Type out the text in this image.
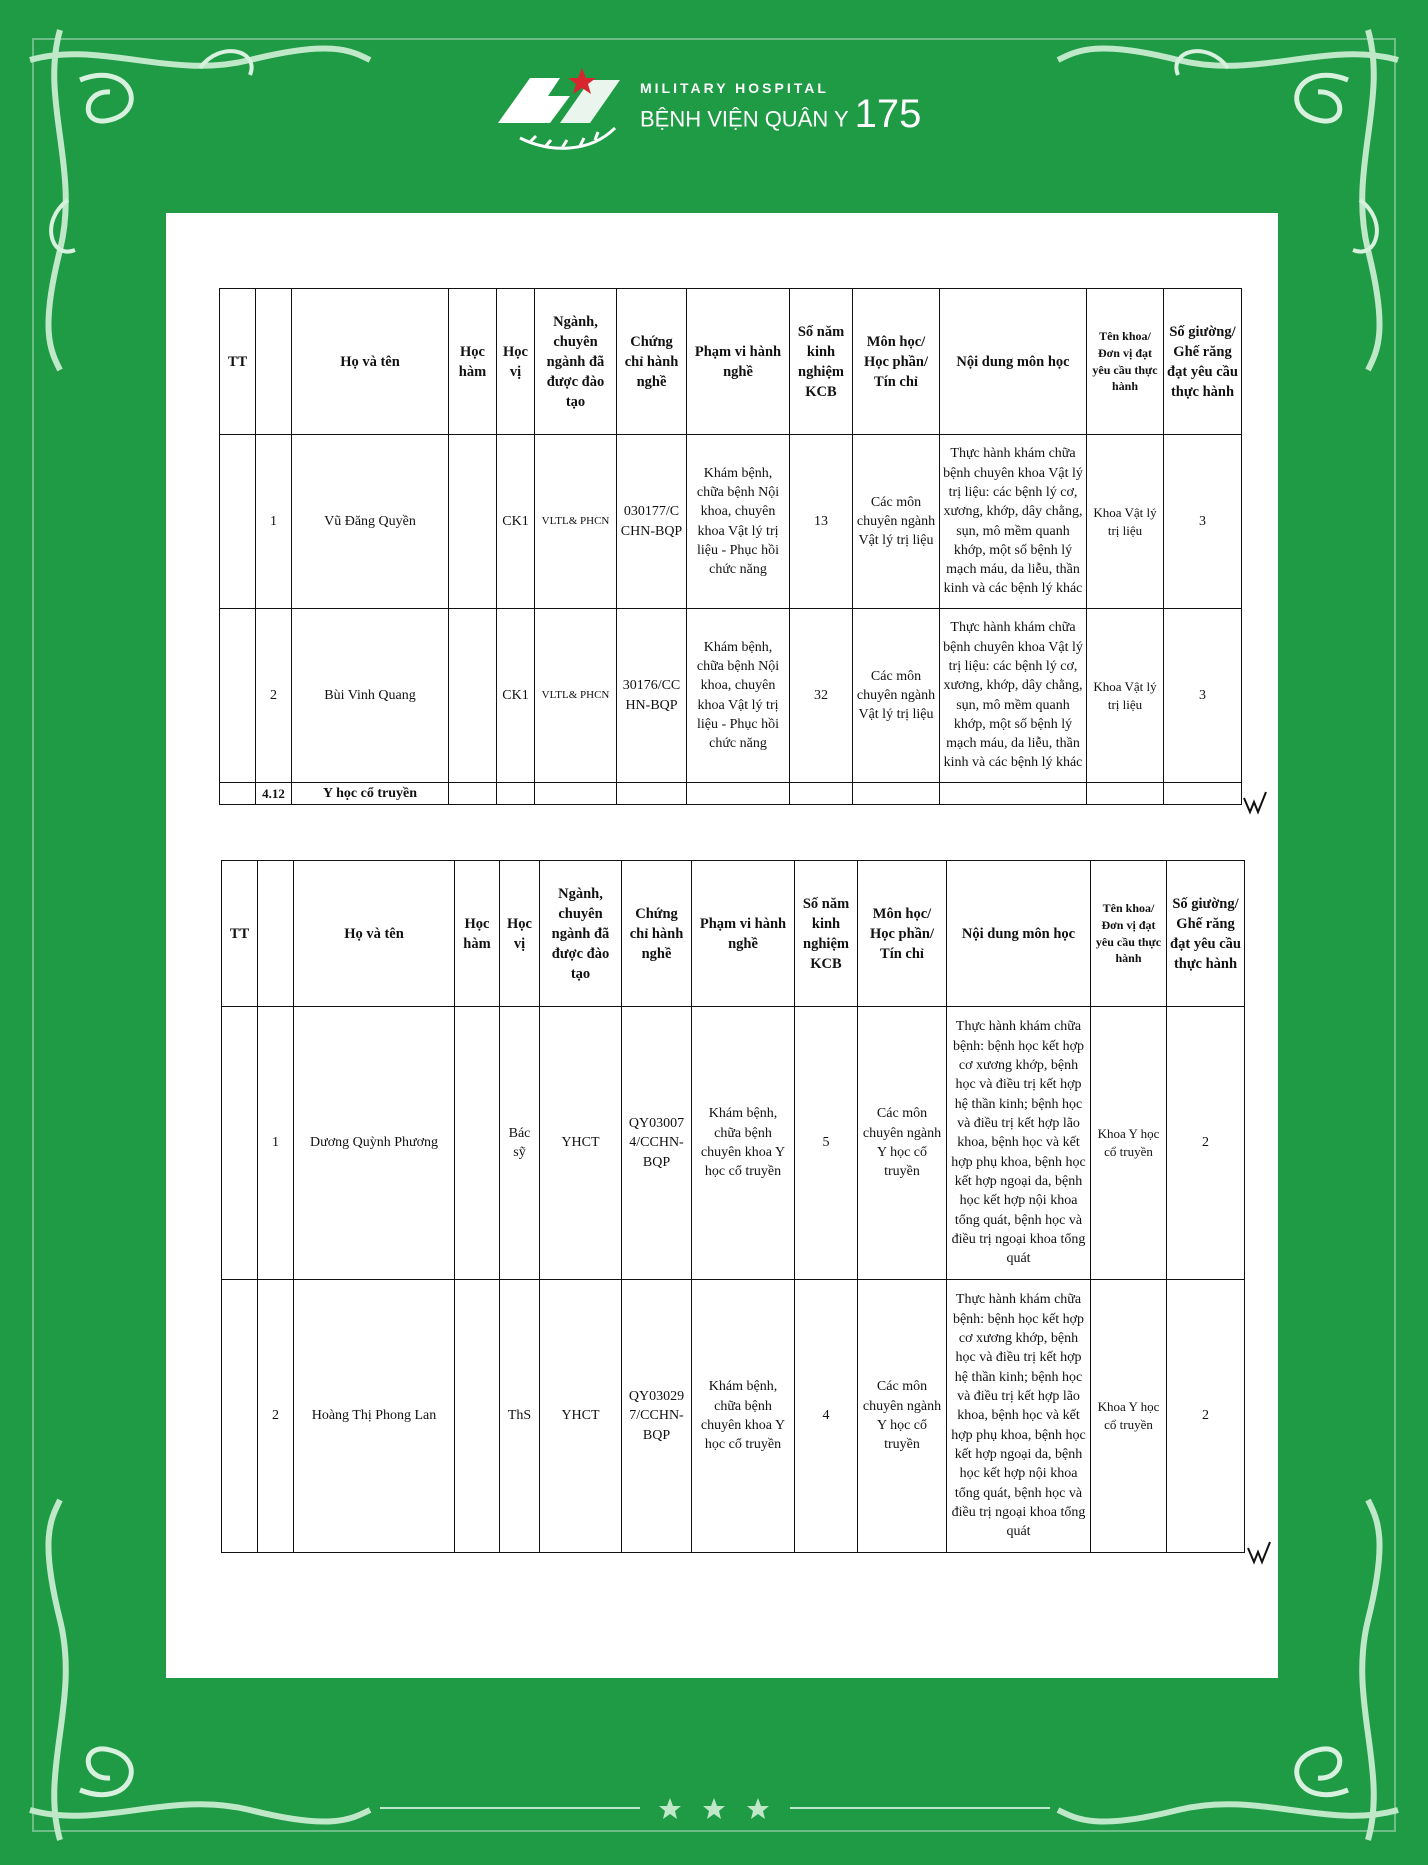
MILITARY HOSPITAL
BỆNH VIỆN QUÂN Y 175
TT		Họ và tên	Học hàm	Học vị	Ngành, chuyên ngành đã được đào tạo	Chứng chỉ hành nghề	Phạm vi hành nghề	Số năm kinh nghiệm KCB	Môn học/ Học phần/ Tín chỉ	Nội dung môn học	Tên khoa/ Đơn vị đạt yêu cầu thực hành	Số giường/ Ghế răng đạt yêu cầu thực hành
	1	Vũ Đăng Quyền		CK1	VLTL& PHCN	030177/CCHN-BQP	Khám bệnh, chữa bệnh Nội khoa, chuyên khoa Vật lý trị liệu - Phục hồi chức năng	13	Các môn chuyên ngành Vật lý trị liệu	Thực hành khám chữa bệnh chuyên khoa Vật lý trị liệu: các bệnh lý cơ, xương, khớp, dây chằng, sụn, mô mềm quanh khớp, một số bệnh lý mạch máu, da liễu, thần kinh và các bệnh lý khác	Khoa Vật lý trị liệu	3
	2	Bùi Vinh Quang		CK1	VLTL& PHCN	30176/CCHN-BQP	Khám bệnh, chữa bệnh Nội khoa, chuyên khoa Vật lý trị liệu - Phục hồi chức năng	32	Các môn chuyên ngành Vật lý trị liệu	Thực hành khám chữa bệnh chuyên khoa Vật lý trị liệu: các bệnh lý cơ, xương, khớp, dây chằng, sụn, mô mềm quanh khớp, một số bệnh lý mạch máu, da liễu, thần kinh và các bệnh lý khác	Khoa Vật lý trị liệu	3
	4.12	Y học cổ truyền										
TT		Họ và tên	Học hàm	Học vị	Ngành, chuyên ngành đã được đào tạo	Chứng chỉ hành nghề	Phạm vi hành nghề	Số năm kinh nghiệm KCB	Môn học/ Học phần/ Tín chỉ	Nội dung môn học	Tên khoa/ Đơn vị đạt yêu cầu thực hành	Số giường/ Ghế răng đạt yêu cầu thực hành
	1	Dương Quỳnh Phương		Bác sỹ	YHCT	QY030074/CCHN-BQP	Khám bệnh, chữa bệnh chuyên khoa Y học cổ truyền	5	Các môn chuyên ngành Y học cổ truyền	Thực hành khám chữa bệnh: bệnh học kết hợp cơ xương khớp, bệnh học và điều trị kết hợp hệ thần kinh; bệnh học và điều trị kết hợp lão khoa, bệnh học và kết hợp phụ khoa, bệnh học kết hợp ngoại da, bệnh học kết hợp nội khoa tổng quát, bệnh học và điều trị ngoại khoa tổng quát	Khoa Y học cổ truyền	2
	2	Hoàng Thị Phong Lan		ThS	YHCT	QY030297/CCHN-BQP	Khám bệnh, chữa bệnh chuyên khoa Y học cổ truyền	4	Các môn chuyên ngành Y học cổ truyền	Thực hành khám chữa bệnh: bệnh học kết hợp cơ xương khớp, bệnh học và điều trị kết hợp hệ thần kinh; bệnh học và điều trị kết hợp lão khoa, bệnh học và kết hợp phụ khoa, bệnh học kết hợp ngoại da, bệnh học kết hợp nội khoa tổng quát, bệnh học và điều trị ngoại khoa tổng quát	Khoa Y học cổ truyền	2
